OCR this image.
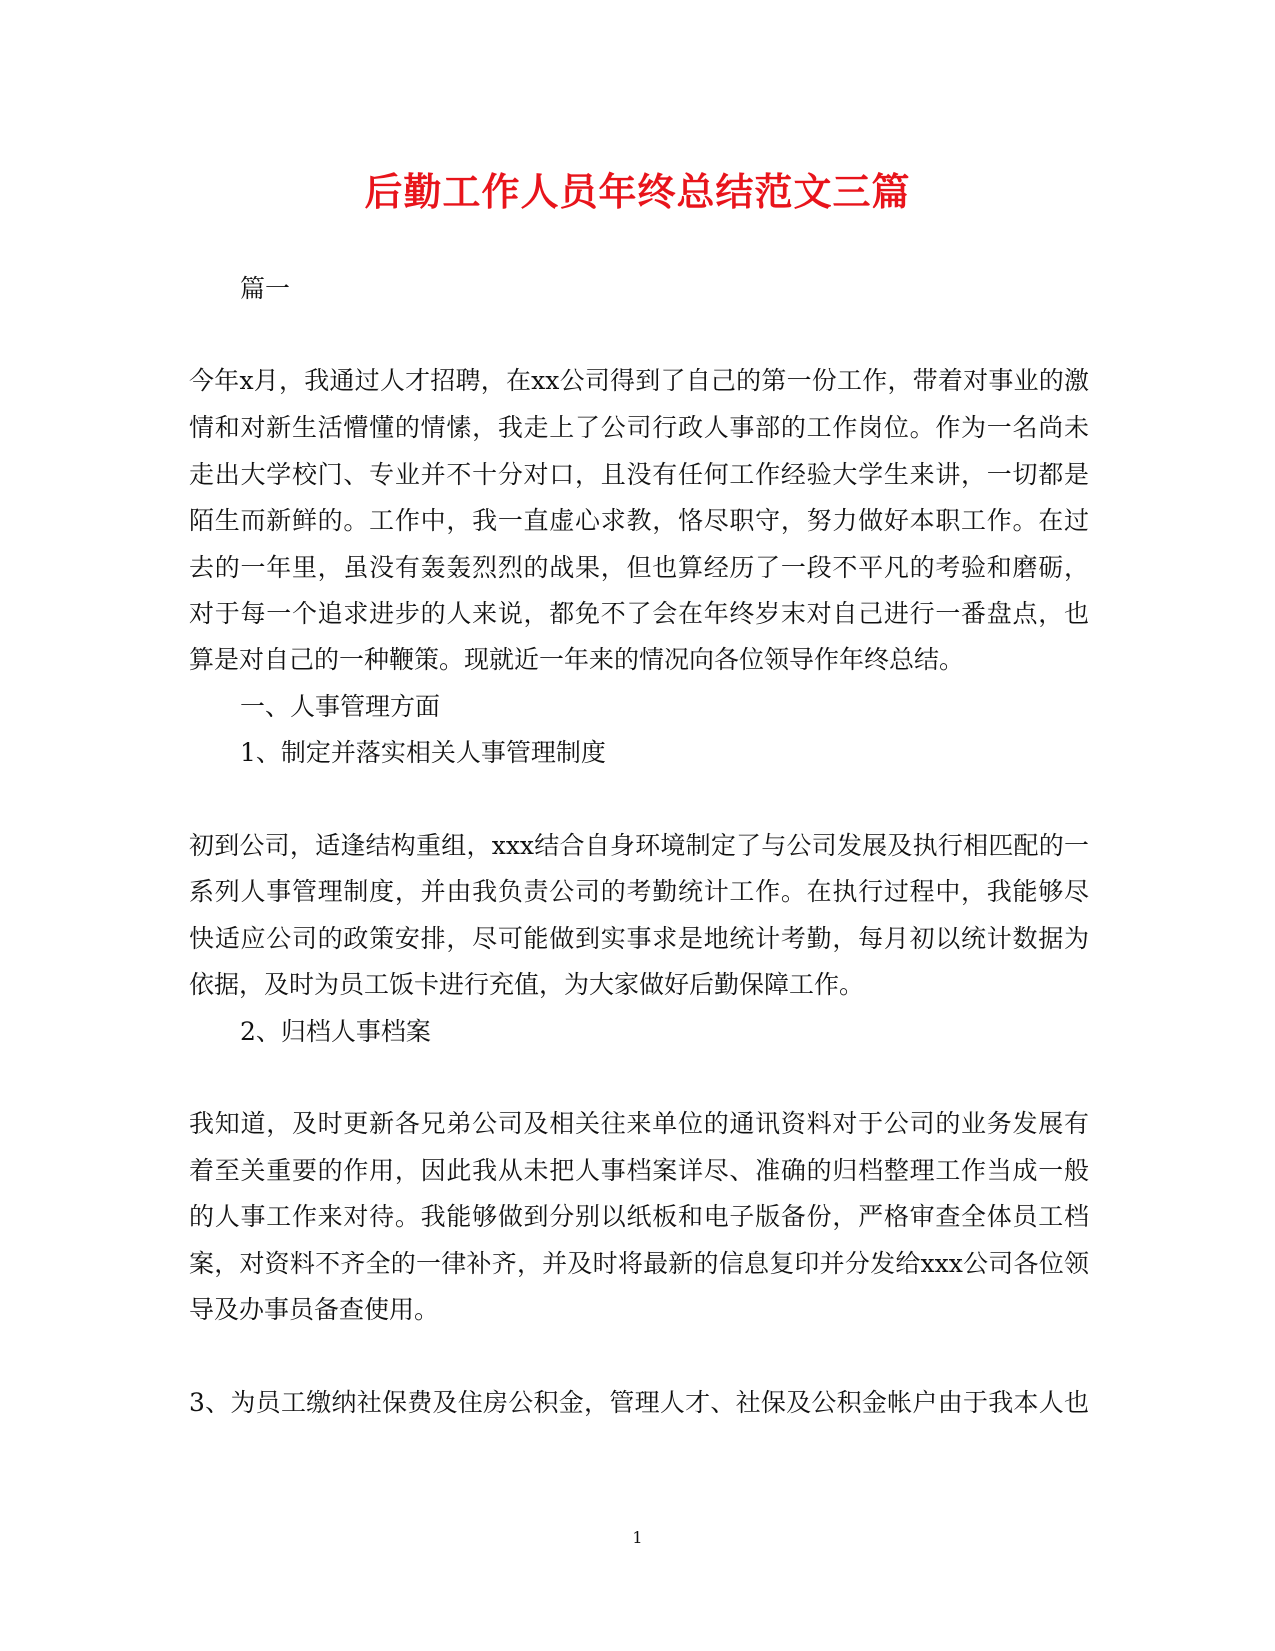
后勤工作人员年终总结范文三篇
篇一
今年x月，我通过人才招聘，在xx公司得到了自己的第一份工作，带着对事业的激
情和对新生活懵懂的情愫，我走上了公司行政人事部的工作岗位。作为一名尚未
走出大学校门、专业并不十分对口，且没有任何工作经验大学生来讲，一切都是
陌生而新鲜的。工作中，我一直虚心求教，恪尽职守，努力做好本职工作。在过
去的一年里，虽没有轰轰烈烈的战果，但也算经历了一段不平凡的考验和磨砺，
对于每一个追求进步的人来说，都免不了会在年终岁末对自己进行一番盘点，也
算是对自己的一种鞭策。现就近一年来的情况向各位领导作年终总结。
一、人事管理方面
1、制定并落实相关人事管理制度
初到公司，适逢结构重组，xxx结合自身环境制定了与公司发展及执行相匹配的一
系列人事管理制度，并由我负责公司的考勤统计工作。在执行过程中，我能够尽
快适应公司的政策安排，尽可能做到实事求是地统计考勤，每月初以统计数据为
依据，及时为员工饭卡进行充值，为大家做好后勤保障工作。
2、归档人事档案
我知道，及时更新各兄弟公司及相关往来单位的通讯资料对于公司的业务发展有
着至关重要的作用，因此我从未把人事档案详尽、准确的归档整理工作当成一般
的人事工作来对待。我能够做到分别以纸板和电子版备份，严格审查全体员工档
案，对资料不齐全的一律补齐，并及时将最新的信息复印并分发给xxx公司各位领
导及办事员备查使用。
3、为员工缴纳社保费及住房公积金，管理人才、社保及公积金帐户由于我本人也
1
